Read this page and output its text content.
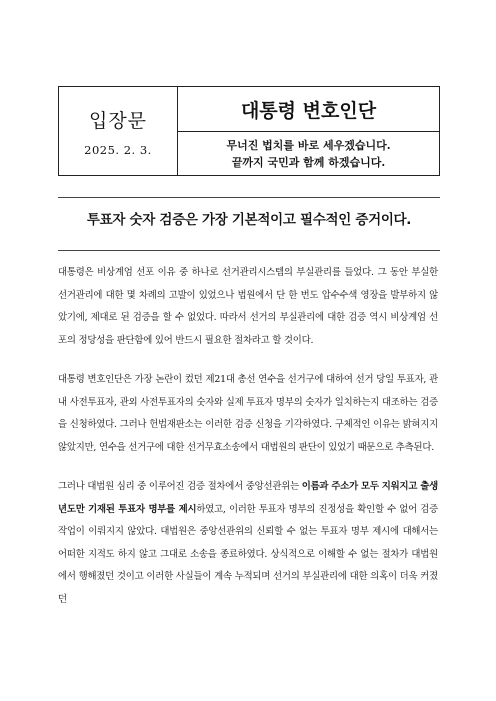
입장문
2025. 2. 3.
대통령 변호인단
무너진 법치를 바로 세우겠습니다.
끝까지 국민과 함께 하겠습니다.
투표자 숫자 검증은 가장 기본적이고 필수적인 증거이다.

대통령은 비상계엄 선포 이유 중 하나로 선거관리시스템의 부실관리를 들었다. 그 동안 부실한 선거관리에 대한 몇 차례의 고발이 있었으나 법원에서 단 한 번도 압수수색 영장을 발부하지 않았기에, 제대로 된 검증을 할 수 없었다. 따라서 선거의 부실관리에 대한 검증 역시 비상계엄 선포의 정당성을 판단함에 있어 반드시 필요한 절차라고 할 것이다.

대통령 변호인단은 가장 논란이 컸던 제21대 총선 연수을 선거구에 대하여 선거 당일 투표자, 관내 사전투표자, 관외 사전투표자의 숫자와 실제 투표자 명부의 숫자가 일치하는지 대조하는 검증을 신청하였다. 그러나 헌법재판소는 이러한 검증 신청을 기각하였다. 구체적인 이유는 밝혀지지 않았지만, 연수을 선거구에 대한 선거무효소송에서 대법원의 판단이 있었기 때문으로 추측된다.

그러나 대법원 심리 중 이루어진 검증 절차에서 중앙선관위는 이름과 주소가 모두 지워지고 출생년도만 기재된 투표자 명부를 제시하였고, 이러한 투표자 명부의 진정성을 확인할 수 없어 검증 작업이 이뤄지지 않았다. 대법원은 중앙선관위의 신뢰할 수 없는 투표자 명부 제시에 대해서는 어떠한 지적도 하지 않고 그대로 소송을 종료하였다. 상식적으로 이해할 수 없는 절차가 대법원에서 행해졌던 것이고 이러한 사실들이 계속 누적되며 선거의 부실관리에 대한 의혹이 더욱 커졌던
